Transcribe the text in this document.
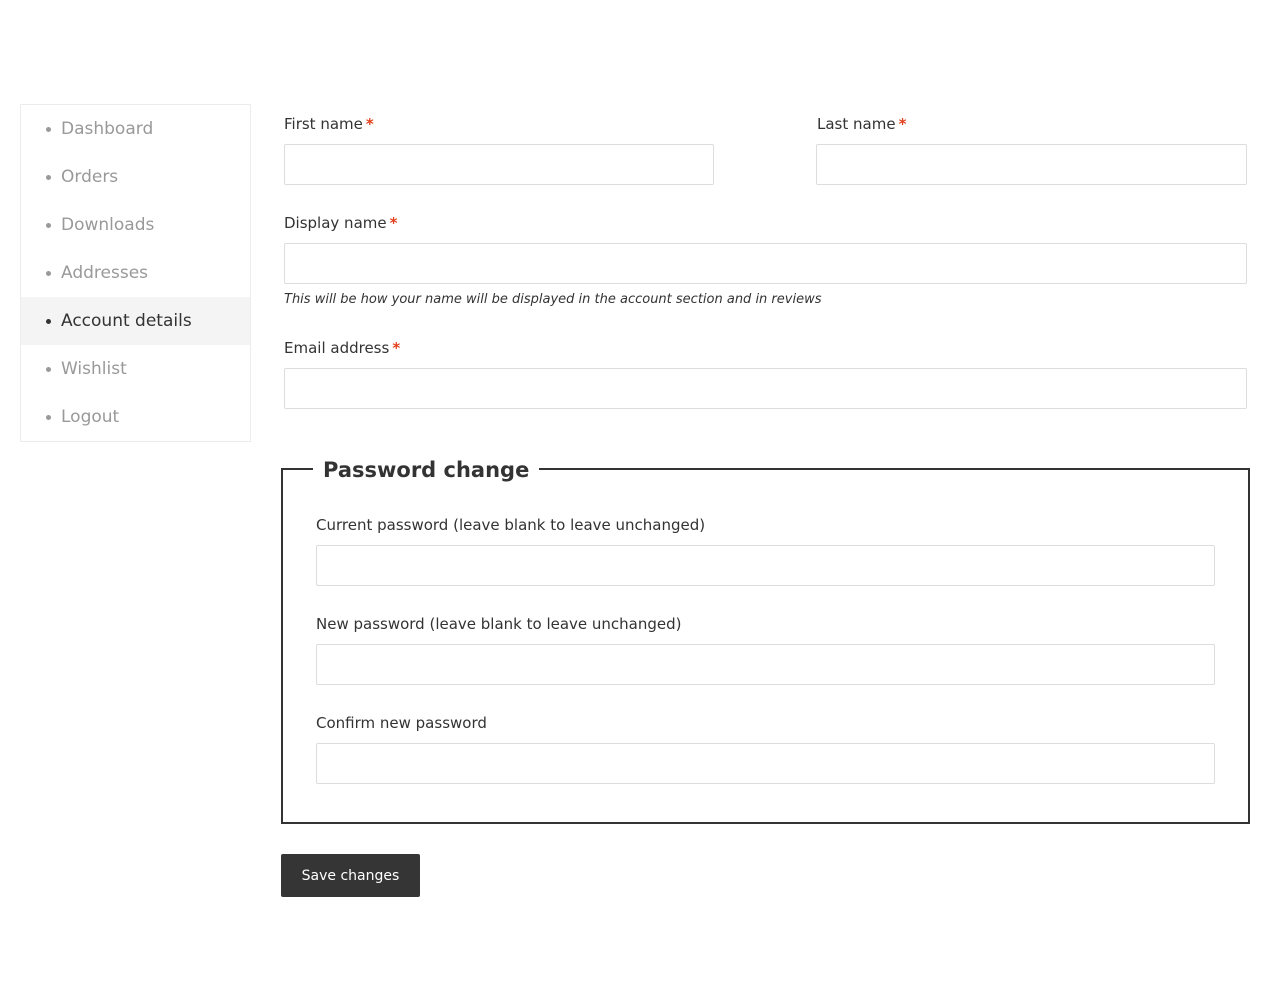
Dashboard
Orders
Downloads
Addresses
Account details
Wishlist
Logout
First name *	Last name *
Display name *
This will be how your name will be displayed in the account section and in reviews
Email address *
Password change
Current password (leave blank to leave unchanged)
New password (leave blank to leave unchanged)
Confirm new password
Save changes
